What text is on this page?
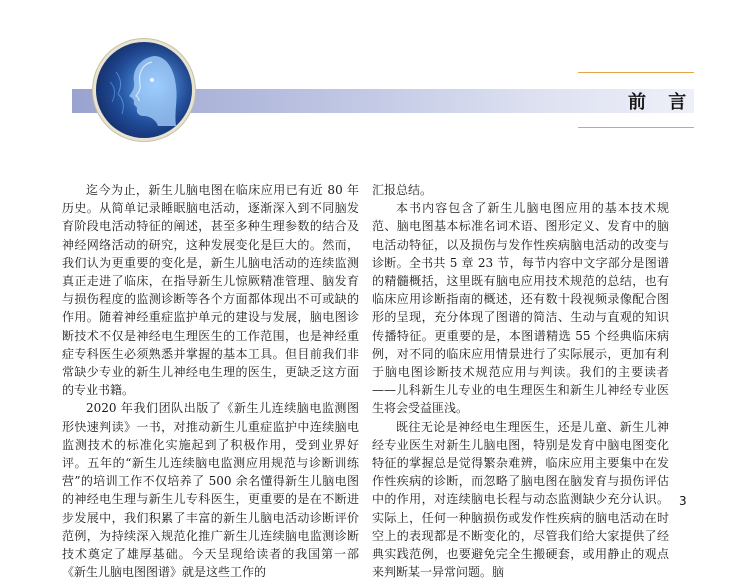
前 言

迄今为止，新生儿脑电图在临床应用已有近 80 年历史。从简单记录睡眠脑电活动，逐渐深入到不同脑发育阶段电活动特征的阐述，甚至多种生理参数的结合及神经网络活动的研究，这种发展变化是巨大的。然而，我们认为更重要的变化是，新生儿脑电活动的连续监测真正走进了临床，在指导新生儿惊厥精准管理、脑发育与损伤程度的监测诊断等各个方面都体现出不可或缺的作用。随着神经重症监护单元的建设与发展，脑电图诊断技术不仅是神经电生理医生的工作范围，也是神经重症专科医生必须熟悉并掌握的基本工具。但目前我们非常缺少专业的新生儿神经电生理的医生，更缺乏这方面的专业书籍。

2020 年我们团队出版了《新生儿连续脑电监测图形快速判读》一书，对推动新生儿重症监护中连续脑电监测技术的标准化实施起到了积极作用，受到业界好评。五年的“新生儿连续脑电监测应用规范与诊断训练营”的培训工作不仅培养了 500 余名懂得新生儿脑电图的神经电生理与新生儿专科医生，更重要的是在不断进步发展中，我们积累了丰富的新生儿脑电活动诊断评价范例，为持续深入规范化推广新生儿连续脑电监测诊断技术奠定了雄厚基础。今天呈现给读者的我国第一部《新生儿脑电图图谱》就是这些工作的

汇报总结。

本书内容包含了新生儿脑电图应用的基本技术规范、脑电图基本标准名词术语、图形定义、发育中的脑电活动特征，以及损伤与发作性疾病脑电活动的改变与诊断。全书共 5 章 23 节，每节内容中文字部分是图谱的精髓概括，这里既有脑电应用技术规范的总结，也有临床应用诊断指南的概述，还有数十段视频录像配合图形的呈现，充分体现了图谱的简洁、生动与直观的知识传播特征。更重要的是，本图谱精选 55 个经典临床病例，对不同的临床应用情景进行了实际展示，更加有利于脑电图诊断技术规范应用与判读。我们的主要读者——儿科新生儿专业的电生理医生和新生儿神经专业医生将会受益匪浅。

既往无论是神经电生理医生，还是儿童、新生儿神经专业医生对新生儿脑电图，特别是发育中脑电图变化特征的掌握总是觉得繁杂难辨，临床应用主要集中在发作性疾病的诊断，而忽略了脑电图在脑发育与损伤评估中的作用，对连续脑电长程与动态监测缺少充分认识。实际上，任何一种脑损伤或发作性疾病的脑电活动在时空上的表现都是不断变化的，尽管我们给大家提供了经典实践范例，也要避免完全生搬硬套，或用静止的观点来判断某一异常问题。脑

3
